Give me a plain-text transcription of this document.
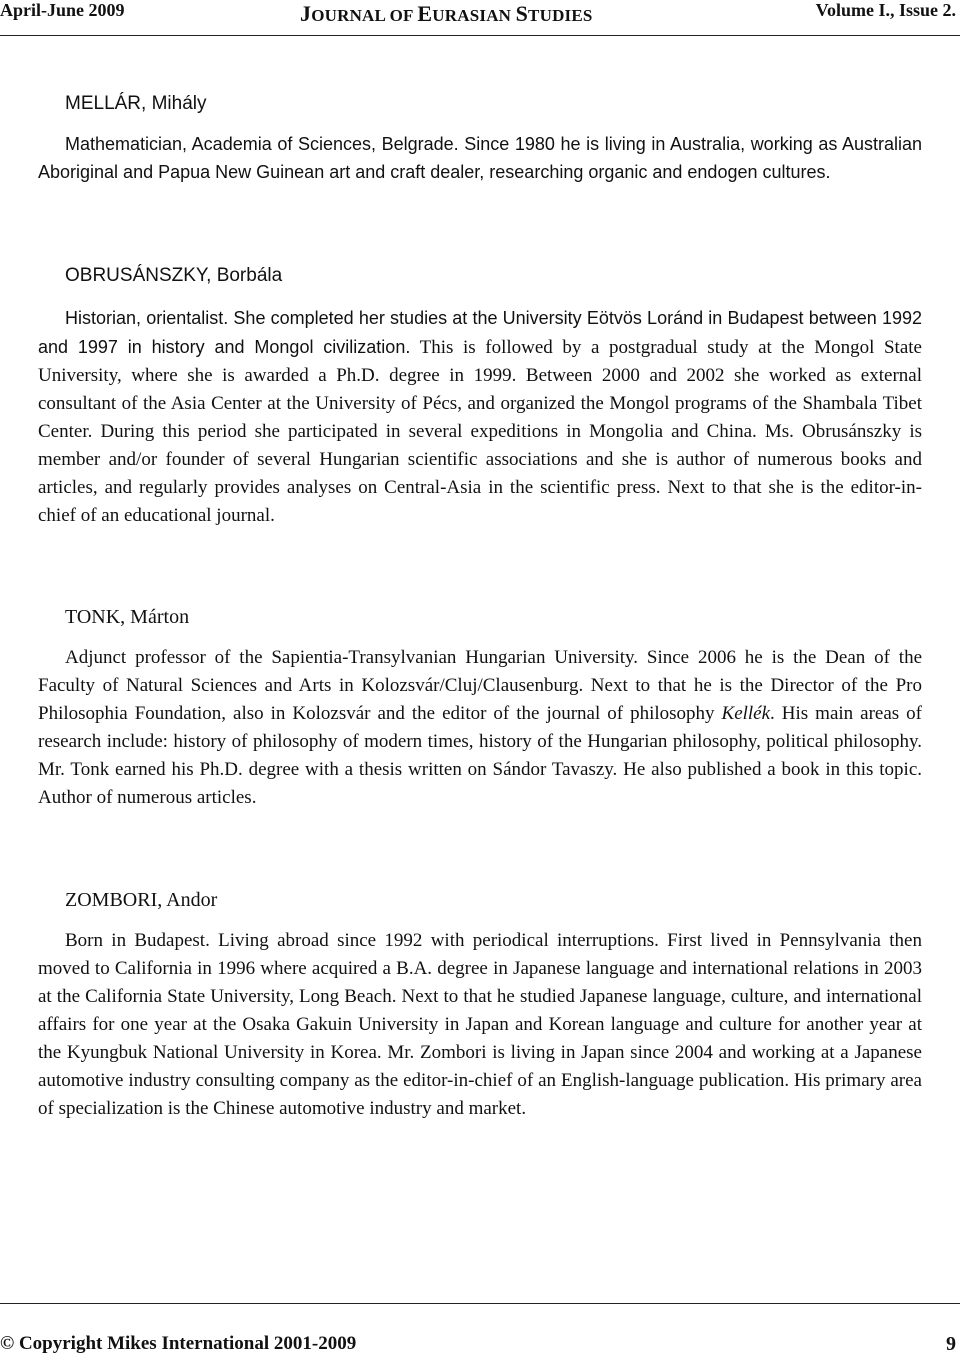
April-June 2009	JOURNAL OF EURASIAN STUDIES	Volume I., Issue 2.
MELLÁR, Mihály

Mathematician, Academia of Sciences, Belgrade. Since 1980 he is living in Australia, working as Australian Aboriginal and Papua New Guinean art and craft dealer, researching organic and endogen cultures.

OBRUSÁNSZKY, Borbála

Historian, orientalist. She completed her studies at the University Eötvös Loránd in Budapest between 1992 and 1997 in history and Mongol civilization. This is followed by a postgradual study at the Mongol State University, where she is awarded a Ph.D. degree in 1999. Between 2000 and 2002 she worked as external consultant of the Asia Center at the University of Pécs, and organized the Mongol programs of the Shambala Tibet Center. During this period she participated in several expeditions in Mongolia and China. Ms. Obrusánszky is member and/or founder of several Hungarian scientific associations and she is author of numerous books and articles, and regularly provides analyses on Central-Asia in the scientific press. Next to that she is the editor-in-chief of an educational journal.

TONK, Márton

Adjunct professor of the Sapientia-Transylvanian Hungarian University. Since 2006 he is the Dean of the Faculty of Natural Sciences and Arts in Kolozsvár/Cluj/Clausenburg. Next to that he is the Director of the Pro Philosophia Foundation, also in Kolozsvár and the editor of the journal of philosophy Kellék. His main areas of research include: history of philosophy of modern times, history of the Hungarian philosophy, political philosophy. Mr. Tonk earned his Ph.D. degree with a thesis written on Sándor Tavaszy. He also published a book in this topic. Author of numerous articles.

ZOMBORI, Andor

Born in Budapest. Living abroad since 1992 with periodical interruptions. First lived in Pennsylvania then moved to California in 1996 where acquired a B.A. degree in Japanese language and international relations in 2003 at the California State University, Long Beach. Next to that he studied Japanese language, culture, and international affairs for one year at the Osaka Gakuin University in Japan and Korean language and culture for another year at the Kyungbuk National University in Korea. Mr. Zombori is living in Japan since 2004 and working at a Japanese automotive industry consulting company as the editor-in-chief of an English-language publication. His primary area of specialization is the Chinese automotive industry and market.

© Copyright Mikes International 2001-2009	9
